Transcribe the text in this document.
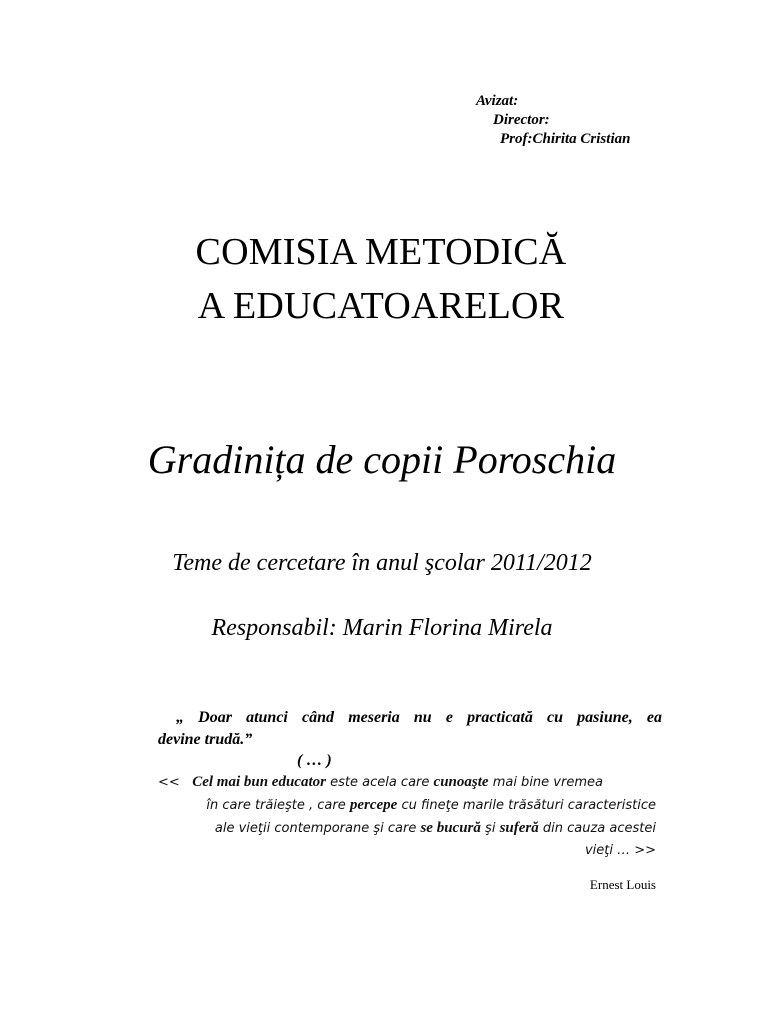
Avizat:
Director:
Prof:Chirita Cristian
COMISIA METODICĂ
A EDUCATOARELOR
Gradinița de copii Poroschia
Teme de cercetare în anul şcolar 2011/2012
Responsabil: Marin Florina Mirela
„ Doar atunci când meseria nu e practicată cu pasiune, ea
devine trudă.”
( … )
<< Cel mai bun educator este acela care cunoaşte mai bine vremea
în care trăieşte , care percepe cu fineţe marile trăsături caracteristice
ale vieţii contemporane şi care se bucură şi suferă din cauza acestei
vieţi … >>
Ernest Louis
